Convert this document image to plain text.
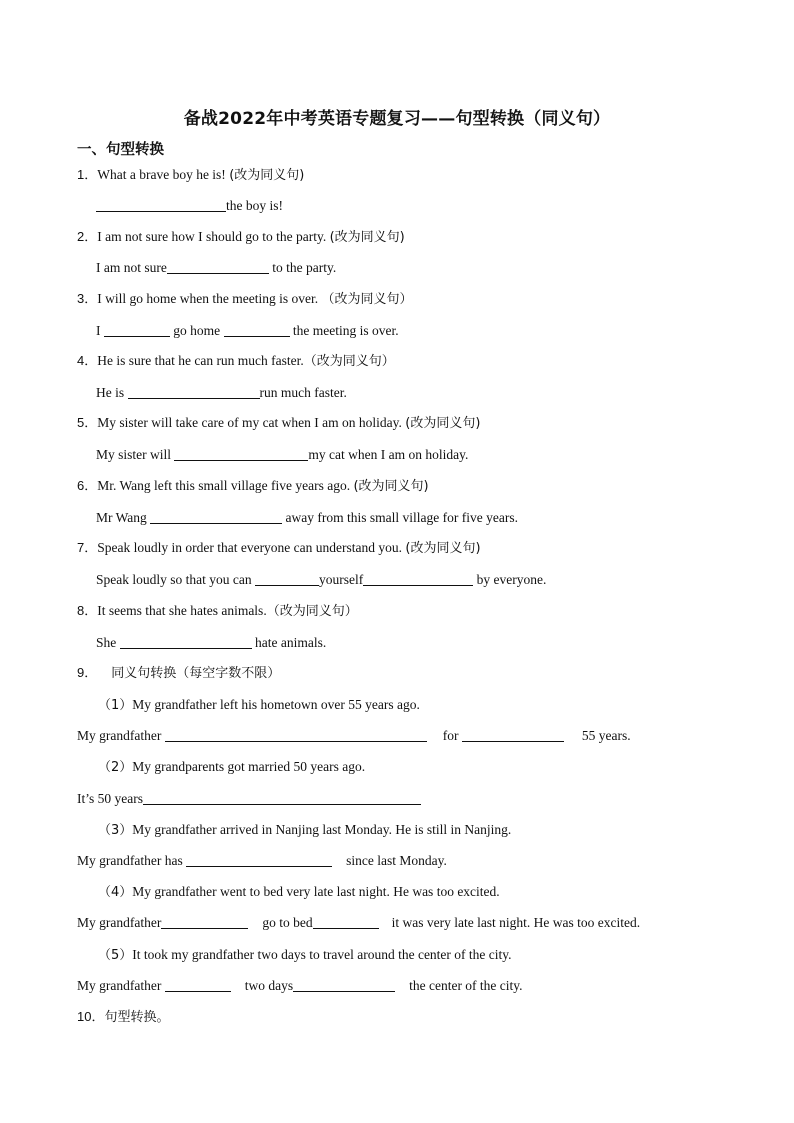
备战2022年中考英语专题复习——句型转换（同义句）
一、句型转换
1．What a brave boy he is! (改为同义句)
the boy is!
2．I am not sure how I should go to the party. (改为同义句)
I am not sure	to the party.
3．I will go home when the meeting is over. （改为同义句）
I	go home	the meeting is over.
4．He is sure that he can run much faster.（改为同义句）
He is	run much faster.
5．My sister will take care of my cat when I am on holiday. (改为同义句)
My sister will	my cat when I am on holiday.
6．Mr. Wang left this small village five years ago. (改为同义句)
Mr Wang	away from this small village for five years.
7．Speak loudly in order that everyone can understand you. (改为同义句)
Speak loudly so that you can	yourself	by everyone.
8．It seems that she hates animals.（改为同义句）
She	hate animals.
9． 同义句转换（每空字数不限）
（1）My grandfather left his hometown over 55 years ago.
My grandfather	for	55 years.
（2）My grandparents got married 50 years ago.
It’s 50 years
（3）My grandfather arrived in Nanjing last Monday. He is still in Nanjing.
My grandfather has	since last Monday.
（4）My grandfather went to bed very late last night. He was too excited.
My grandfather	go to bed	it was very late last night. He was too excited.
（5）It took my grandfather two days to travel around the center of the city.
My grandfather	two days	the center of the city.
10．句型转换。
